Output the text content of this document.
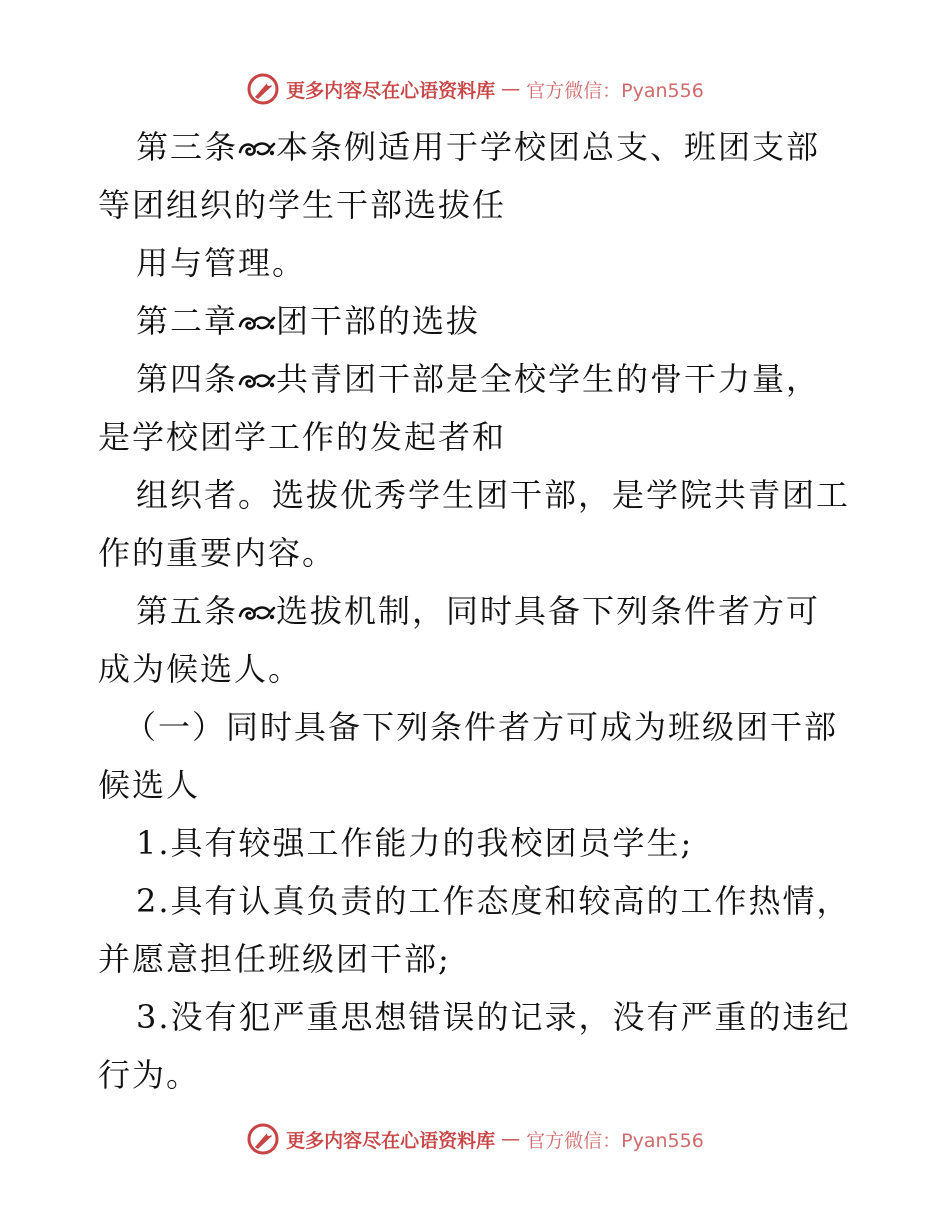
更多内容尽在心语资料库 — 官方微信：Pyan556
第三条 本条例适用于学校团总支、班团支部
等团组织的学生干部选拔任
用与管理。
第二章 团干部的选拔
第四条 共青团干部是全校学生的骨干力量，
是学校团学工作的发起者和
组织者。选拔优秀学生团干部，是学院共青团工
作的重要内容。
第五条 选拔机制，同时具备下列条件者方可
成为候选人。
（一）同时具备下列条件者方可成为班级团干部
候选人
1.具有较强工作能力的我校团员学生;
2.具有认真负责的工作态度和较高的工作热情，
并愿意担任班级团干部;
3.没有犯严重思想错误的记录，没有严重的违纪
行为。
更多内容尽在心语资料库 — 官方微信：Pyan556
